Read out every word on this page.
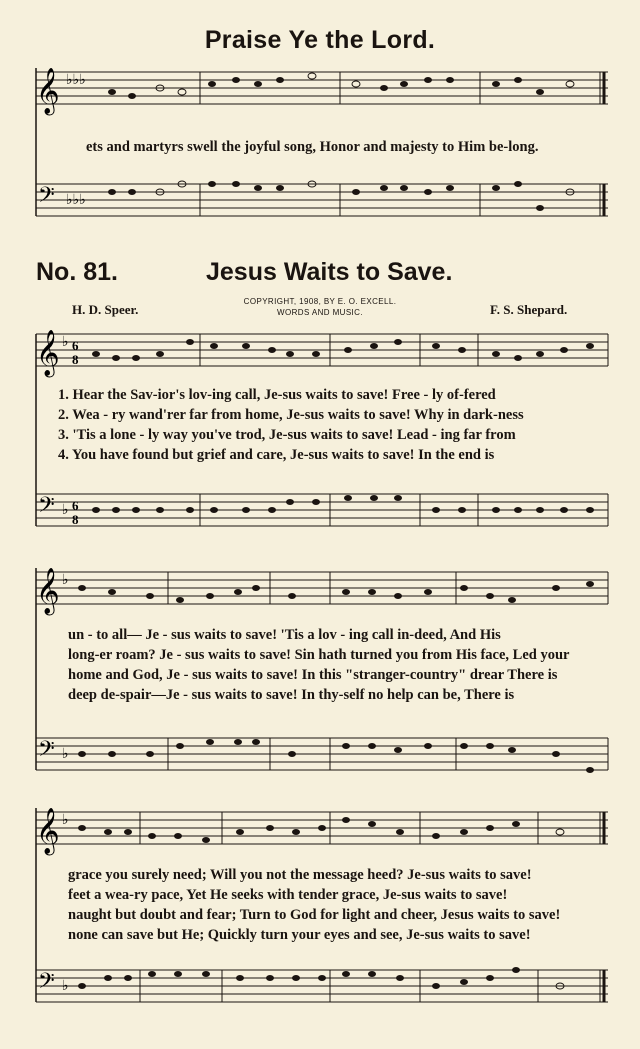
Praise Ye the Lord.
𝄞 ♭♭♭
ets and martyrs swell the joyful song, Honor and majesty to Him be-long.
𝄢 ♭♭♭
No. 81.	Jesus Waits to Save.
H. D. Speer.
COPYRIGHT, 1908, BY E. O. EXCELL.
WORDS AND MUSIC.	F. S. Shepard.
𝄞 ♭ 6
8
1. Hear the Sav-ior's lov-ing call, Je-sus waits to save! Free - ly of-fered
2. Wea - ry wand'rer far from home, Je-sus waits to save! Why in dark-ness
3. 'Tis a lone - ly way you've trod, Je-sus waits to save! Lead - ing far from
4. You have found but grief and care, Je-sus waits to save! In the end is
𝄢 ♭ 6
8
𝄞 ♭
un - to all— Je - sus waits to save! 'Tis a lov - ing call in-deed, And His
long-er roam? Je - sus waits to save! Sin hath turned you from His face, Led your
home and God, Je - sus waits to save! In this "stranger-country" drear There is
deep de-spair—Je - sus waits to save! In thy-self no help can be, There is
𝄢 ♭
𝄞 ♭
grace you surely need; Will you not the message heed? Je-sus waits to save!
feet a wea-ry pace, Yet He seeks with tender grace, Je-sus waits to save!
naught but doubt and fear; Turn to God for light and cheer, Jesus waits to save!
none can save but He; Quickly turn your eyes and see, Je-sus waits to save!
𝄢 ♭
